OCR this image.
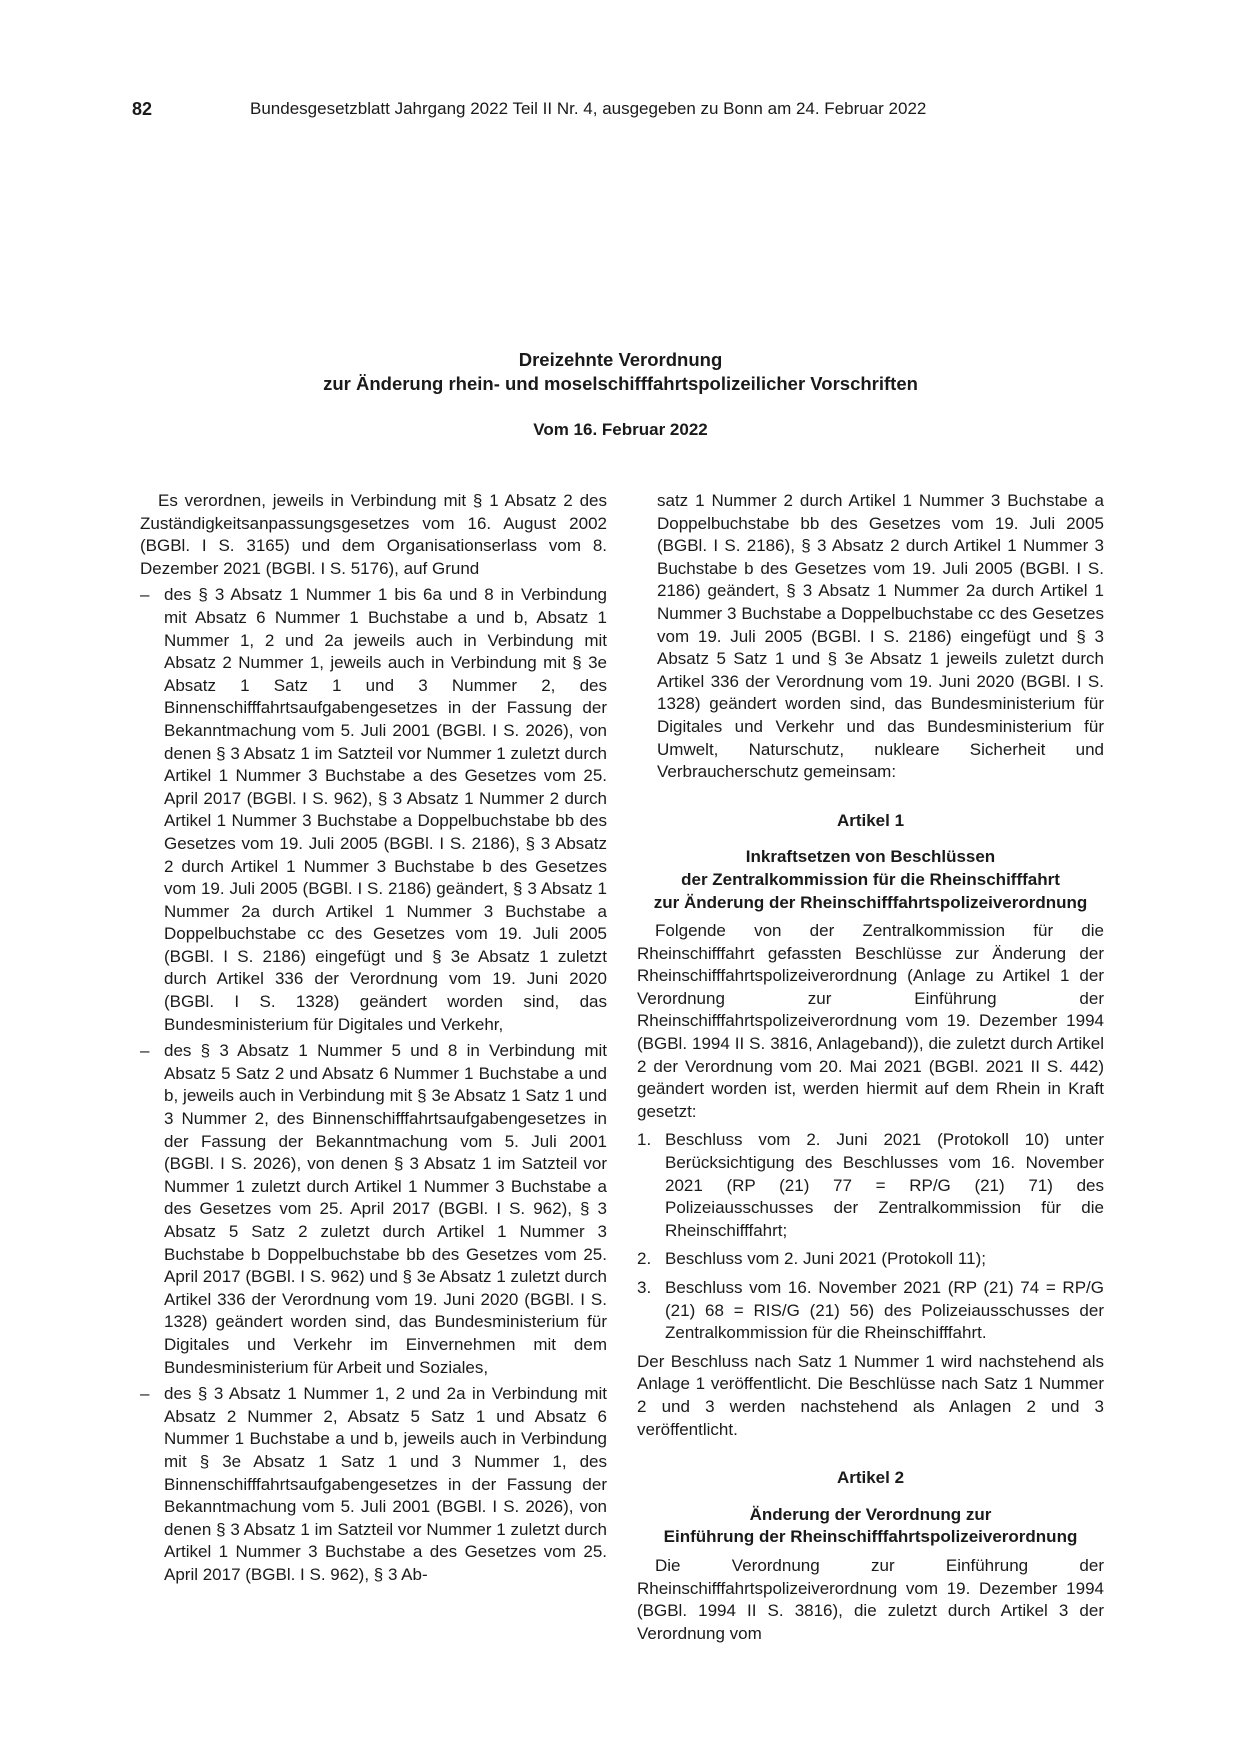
82	Bundesgesetzblatt Jahrgang 2022 Teil II Nr. 4, ausgegeben zu Bonn am 24. Februar 2022
Dreizehnte Verordnung
zur Änderung rhein- und moselschifffahrtspolizeilicher Vorschriften
Vom 16. Februar 2022

Es verordnen, jeweils in Verbindung mit § 1 Absatz 2 des Zuständigkeitsanpassungsgesetzes vom 16. August 2002 (BGBl. I S. 3165) und dem Organisationserlass vom 8. Dezember 2021 (BGBl. I S. 5176), auf Grund

– des § 3 Absatz 1 Nummer 1 bis 6a und 8 in Verbindung mit Absatz 6 Nummer 1 Buchstabe a und b, Absatz 1 Nummer 1, 2 und 2a jeweils auch in Verbindung mit Absatz 2 Nummer 1, jeweils auch in Verbindung mit § 3e Absatz 1 Satz 1 und 3 Nummer 2, des Binnenschifffahrtsaufgabengesetzes in der Fassung der Bekanntmachung vom 5. Juli 2001 (BGBl. I S. 2026), von denen § 3 Absatz 1 im Satzteil vor Nummer 1 zuletzt durch Artikel 1 Nummer 3 Buchstabe a des Gesetzes vom 25. April 2017 (BGBl. I S. 962), § 3 Absatz 1 Nummer 2 durch Artikel 1 Nummer 3 Buchstabe a Doppelbuchstabe bb des Gesetzes vom 19. Juli 2005 (BGBl. I S. 2186), § 3 Absatz 2 durch Artikel 1 Nummer 3 Buchstabe b des Gesetzes vom 19. Juli 2005 (BGBl. I S. 2186) geändert, § 3 Absatz 1 Nummer 2a durch Artikel 1 Nummer 3 Buchstabe a Doppelbuchstabe cc des Gesetzes vom 19. Juli 2005 (BGBl. I S. 2186) eingefügt und § 3e Absatz 1 zuletzt durch Artikel 336 der Verordnung vom 19. Juni 2020 (BGBl. I S. 1328) geändert worden sind, das Bundesministerium für Digitales und Verkehr,

– des § 3 Absatz 1 Nummer 5 und 8 in Verbindung mit Absatz 5 Satz 2 und Absatz 6 Nummer 1 Buchstabe a und b, jeweils auch in Verbindung mit § 3e Absatz 1 Satz 1 und 3 Nummer 2, des Binnenschifffahrtsaufgabengesetzes in der Fassung der Bekanntmachung vom 5. Juli 2001 (BGBl. I S. 2026), von denen § 3 Absatz 1 im Satzteil vor Nummer 1 zuletzt durch Artikel 1 Nummer 3 Buchstabe a des Gesetzes vom 25. April 2017 (BGBl. I S. 962), § 3 Absatz 5 Satz 2 zuletzt durch Artikel 1 Nummer 3 Buchstabe b Doppelbuchstabe bb des Gesetzes vom 25. April 2017 (BGBl. I S. 962) und § 3e Absatz 1 zuletzt durch Artikel 336 der Verordnung vom 19. Juni 2020 (BGBl. I S. 1328) geändert worden sind, das Bundesministerium für Digitales und Verkehr im Einvernehmen mit dem Bundesministerium für Arbeit und Soziales,

– des § 3 Absatz 1 Nummer 1, 2 und 2a in Verbindung mit Absatz 2 Nummer 2, Absatz 5 Satz 1 und Absatz 6 Nummer 1 Buchstabe a und b, jeweils auch in Verbindung mit § 3e Absatz 1 Satz 1 und 3 Nummer 1, des Binnenschifffahrtsaufgabengesetzes in der Fassung der Bekanntmachung vom 5. Juli 2001 (BGBl. I S. 2026), von denen § 3 Absatz 1 im Satzteil vor Nummer 1 zuletzt durch Artikel 1 Nummer 3 Buchstabe a des Gesetzes vom 25. April 2017 (BGBl. I S. 962), § 3 Ab-

satz 1 Nummer 2 durch Artikel 1 Nummer 3 Buchstabe a Doppelbuchstabe bb des Gesetzes vom 19. Juli 2005 (BGBl. I S. 2186), § 3 Absatz 2 durch Artikel 1 Nummer 3 Buchstabe b des Gesetzes vom 19. Juli 2005 (BGBl. I S. 2186) geändert, § 3 Absatz 1 Nummer 2a durch Artikel 1 Nummer 3 Buchstabe a Doppelbuchstabe cc des Gesetzes vom 19. Juli 2005 (BGBl. I S. 2186) eingefügt und § 3 Absatz 5 Satz 1 und § 3e Absatz 1 jeweils zuletzt durch Artikel 336 der Verordnung vom 19. Juni 2020 (BGBl. I S. 1328) geändert worden sind, das Bundesministerium für Digitales und Verkehr und das Bundesministerium für Umwelt, Naturschutz, nukleare Sicherheit und Verbraucherschutz gemeinsam:

Artikel 1
Inkraftsetzen von Beschlüssen
der Zentralkommission für die Rheinschifffahrt
zur Änderung der Rheinschifffahrtspolizeiverordnung

Folgende von der Zentralkommission für die Rheinschifffahrt gefassten Beschlüsse zur Änderung der Rheinschifffahrtspolizeiverordnung (Anlage zu Artikel 1 der Verordnung zur Einführung der Rheinschifffahrtspolizeiverordnung vom 19. Dezember 1994 (BGBl. 1994 II S. 3816, Anlageband)), die zuletzt durch Artikel 2 der Verordnung vom 20. Mai 2021 (BGBl. 2021 II S. 442) geändert worden ist, werden hiermit auf dem Rhein in Kraft gesetzt:

1. Beschluss vom 2. Juni 2021 (Protokoll 10) unter Berücksichtigung des Beschlusses vom 16. November 2021 (RP (21) 77 = RP/G (21) 71) des Polizeiausschusses der Zentralkommission für die Rheinschifffahrt;
2. Beschluss vom 2. Juni 2021 (Protokoll 11);
3. Beschluss vom 16. November 2021 (RP (21) 74 = RP/G (21) 68 = RIS/G (21) 56) des Polizeiausschusses der Zentralkommission für die Rheinschifffahrt.

Der Beschluss nach Satz 1 Nummer 1 wird nachstehend als Anlage 1 veröffentlicht. Die Beschlüsse nach Satz 1 Nummer 2 und 3 werden nachstehend als Anlagen 2 und 3 veröffentlicht.

Artikel 2
Änderung der Verordnung zur
Einführung der Rheinschifffahrtspolizeiverordnung

Die Verordnung zur Einführung der Rheinschifffahrtspolizeiverordnung vom 19. Dezember 1994 (BGBl. 1994 II S. 3816), die zuletzt durch Artikel 3 der Verordnung vom
